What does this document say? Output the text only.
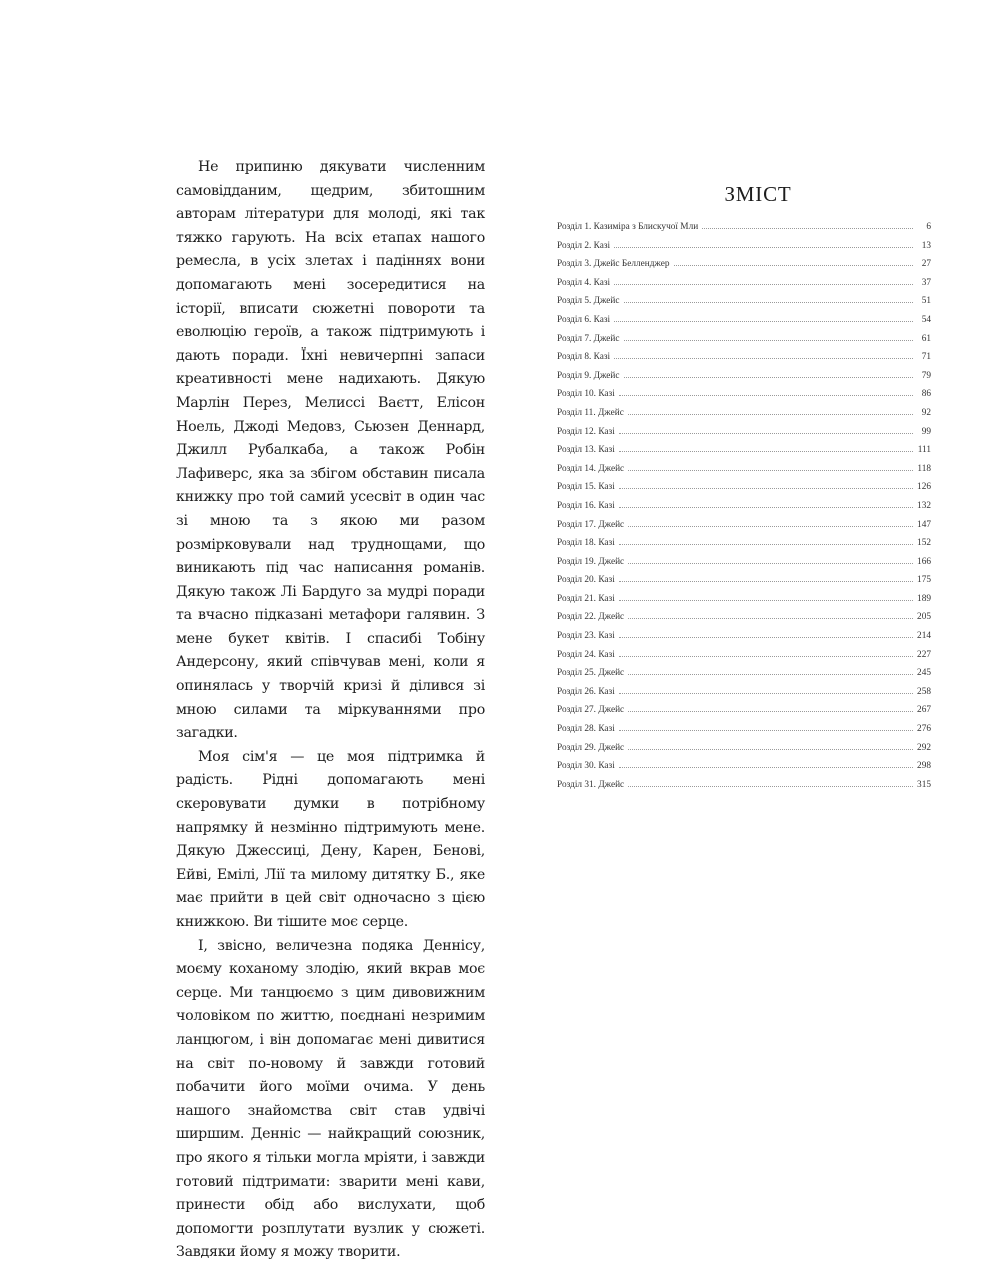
Не припиню дякувати численним самовідданим, щедрим, збитошним авторам літератури для молоді, які так тяжко гарують. На всіх етапах нашого ремесла, в усіх злетах і падіннях вони допомагають мені зосередитися на історії, вписати сюжетні повороти та еволюцію героїв, а також підтримують і дають поради. Їхні невичерпні запаси креативності мене надихають. Дякую Марлін Перез, Мелиссі Ваєтт, Елісон Ноель, Джоді Медовз, Сьюзен Деннард, Джилл Рубалкаба, а також Робін Лафиверс, яка за збігом обставин писала книжку про той самий усесвіт в один час зі мною та з якою ми разом розмірковували над труднощами, що виникають під час написання романів. Дякую також Лі Бардуго за мудрі поради та вчасно підказані метафори галявин. З мене букет квітів. І спасибі Тобіну Андерсону, який співчував мені, коли я опинялась у творчій кризі й ділився зі мною силами та міркуваннями про загадки.

Моя сім'я — це моя підтримка й радість. Рідні допомагають мені скеровувати думки в потрібному напрямку й незмінно підтримують мене. Дякую Джессиці, Дену, Карен, Бенові, Ейві, Емілі, Лії та милому дитятку Б., яке має прийти в цей світ одночасно з цією книжкою. Ви тішите моє серце.

І, звісно, величезна подяка Деннісу, моєму коханому злодію, який вкрав моє серце. Ми танцюємо з цим дивовижним чоловіком по життю, поєднані незримим ланцюгом, і він допомагає мені дивитися на світ по-новому й завжди готовий побачити його моїми очима. У день нашого знайомства світ став удвічі ширшим. Денніс — найкращий союзник, про якого я тільки могла мріяти, і завжди готовий підтримати: зварити мені кави, принести обід або вислухати, щоб допомогти розплутати вузлик у сюжеті. Завдяки йому я можу творити.

ЗМІСТ
Розділ 1. Казиміра з Блискучої Мли	6
Розділ 2. Казі	13
Розділ 3. Джейс Белленджер	27
Розділ 4. Казі	37
Розділ 5. Джейс	51
Розділ 6. Казі	54
Розділ 7. Джейс	61
Розділ 8. Казі	71
Розділ 9. Джейс	79
Розділ 10. Казі	86
Розділ 11. Джейс	92
Розділ 12. Казі	99
Розділ 13. Казі	111
Розділ 14. Джейс	118
Розділ 15. Казі	126
Розділ 16. Казі	132
Розділ 17. Джейс	147
Розділ 18. Казі	152
Розділ 19. Джейс	166
Розділ 20. Казі	175
Розділ 21. Казі	189
Розділ 22. Джейс	205
Розділ 23. Казі	214
Розділ 24. Казі	227
Розділ 25. Джейс	245
Розділ 26. Казі	258
Розділ 27. Джейс	267
Розділ 28. Казі	276
Розділ 29. Джейс	292
Розділ 30. Казі	298
Розділ 31. Джейс	315
